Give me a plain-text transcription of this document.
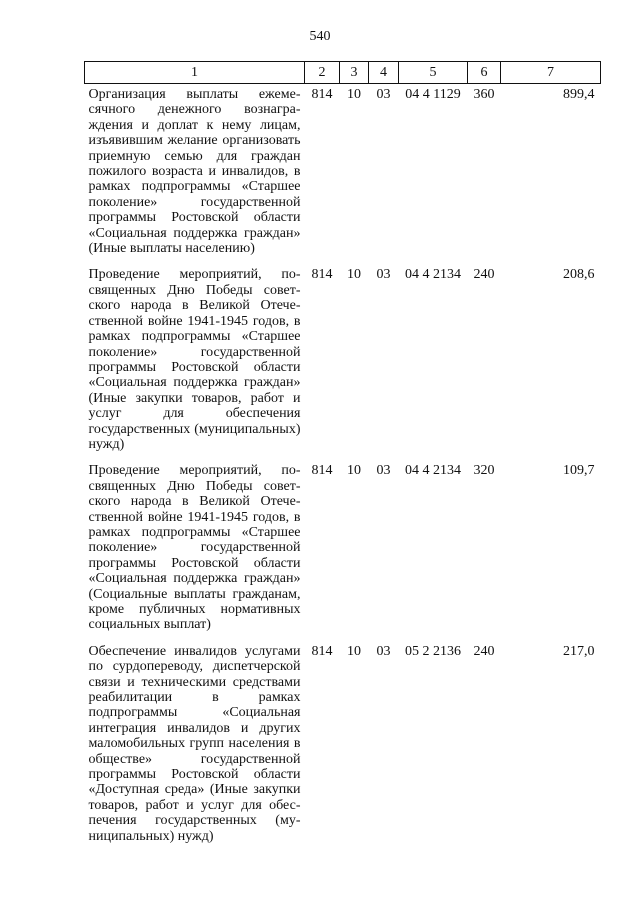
540
1	2	3	4	5	6	7
Организация выплаты ежемесячного денежного вознаграждения и доплат к нему лицам, изъявившим желание организовать приемную семью для граждан пожилого возраста и инвалидов, в рамках подпрограммы «Старшее поколение» государственной программы Ростовской области «Социальная поддержка граждан» (Иные выплаты населению)	814	10	03	04 4 1129	360	899,4
Проведение мероприятий, посвященных Дню Победы советского народа в Великой Отечественной войне 1941-1945 годов, в рамках подпрограммы «Старшее поколение» государственной программы Ростовской области «Социальная поддержка граждан» (Иные закупки товаров, работ и услуг для обеспечения государственных (муниципальных) нужд)	814	10	03	04 4 2134	240	208,6
Проведение мероприятий, посвященных Дню Победы советского народа в Великой Отечественной войне 1941-1945 годов, в рамках подпрограммы «Старшее поколение» государственной программы Ростовской области «Социальная поддержка граждан» (Социальные выплаты гражданам, кроме публичных нормативных социальных выплат)	814	10	03	04 4 2134	320	109,7
Обеспечение инвалидов услугами по сурдопереводу, диспетчерской связи и техническими средствами реабилитации в рамках подпрограммы «Социальная интеграция инвалидов и других маломобильных групп населения в обществе» государственной программы Ростовской области «Доступная среда» (Иные закупки товаров, работ и услуг для обеспечения государственных (муниципальных) нужд)	814	10	03	05 2 2136	240	217,0
